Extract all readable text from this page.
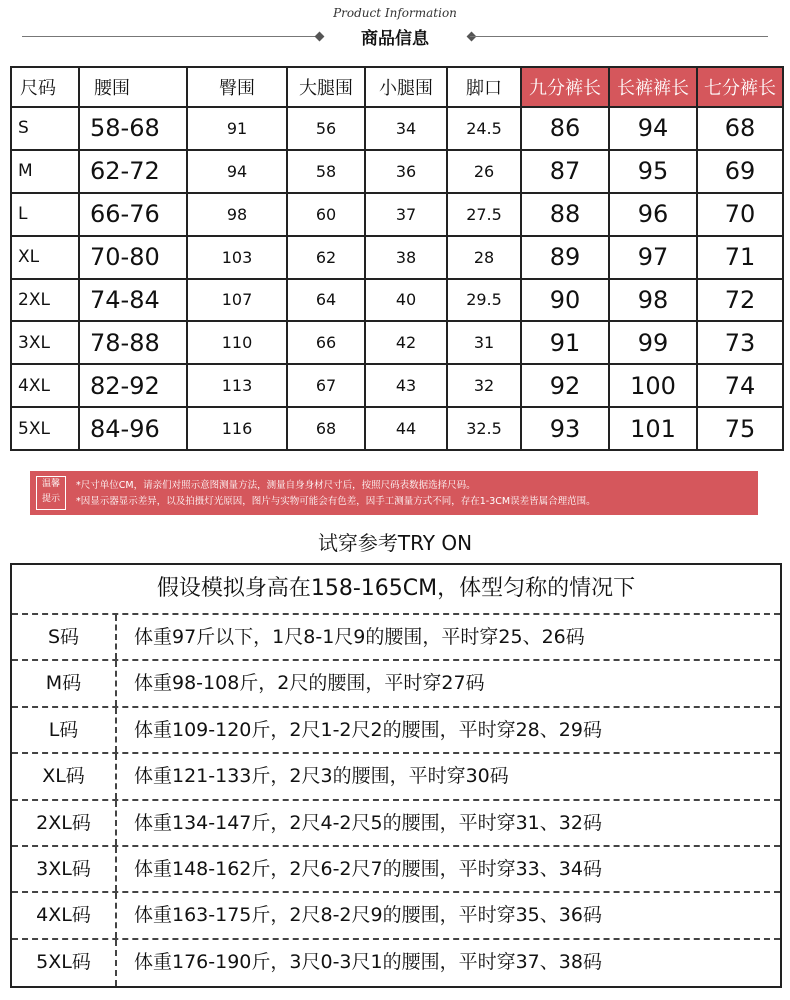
Product Information
商品信息
尺码	腰围	臀围	大腿围	小腿围	脚口	九分裤长	长裤裤长	七分裤长
S	58-68	91	56	34	24.5	86	94	68
M	62-72	94	58	36	26	87	95	69
L	66-76	98	60	37	27.5	88	96	70
XL	70-80	103	62	38	28	89	97	71
2XL	74-84	107	64	40	29.5	90	98	72
3XL	78-88	110	66	42	31	91	99	73
4XL	82-92	113	67	43	32	92	100	74
5XL	84-96	116	68	44	32.5	93	101	75
温馨
提示
*尺寸单位CM，请亲们对照示意图测量方法，测量自身身材尺寸后，按照尺码表数据选择尺码。
*因显示器显示差异，以及拍摄灯光原因，图片与实物可能会有色差，因手工测量方式不同，存在1-3CM误差皆属合理范围。
试穿参考TRY ON
假设模拟身高在158-165CM，体型匀称的情况下
S码	体重97斤以下，1尺8-1尺9的腰围，平时穿25、26码
M码	体重98-108斤，2尺的腰围，平时穿27码
L码	体重109-120斤，2尺1-2尺2的腰围，平时穿28、29码
XL码	体重121-133斤，2尺3的腰围，平时穿30码
2XL码	体重134-147斤，2尺4-2尺5的腰围，平时穿31、32码
3XL码	体重148-162斤，2尺6-2尺7的腰围，平时穿33、34码
4XL码	体重163-175斤，2尺8-2尺9的腰围，平时穿35、36码
5XL码	体重176-190斤，3尺0-3尺1的腰围，平时穿37、38码
